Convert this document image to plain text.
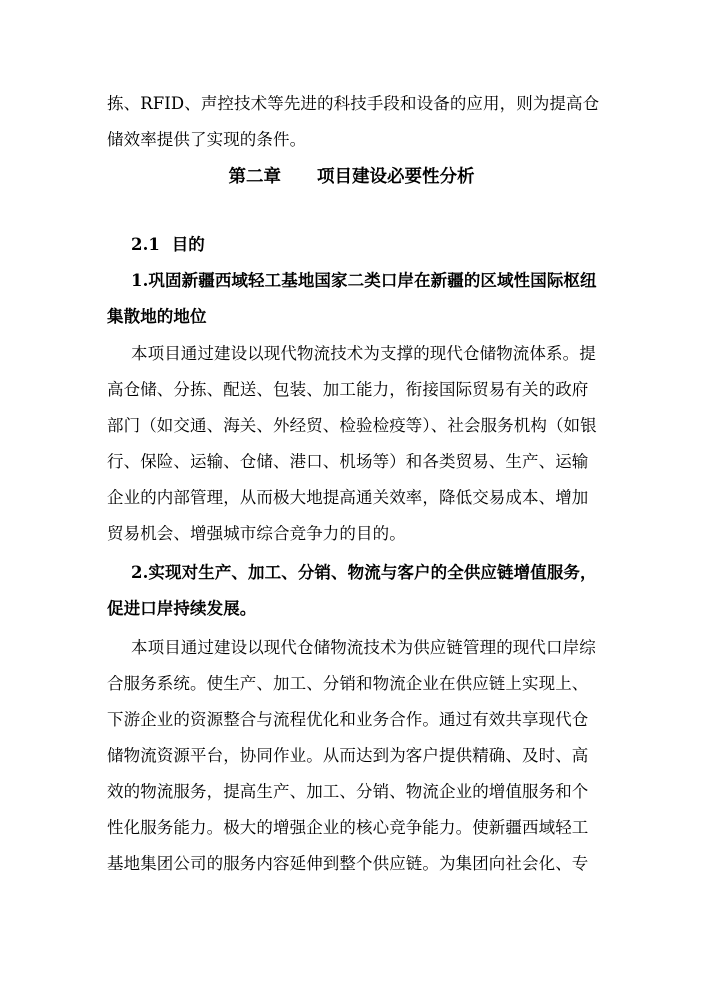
拣、RFID、声控技术等先进的科技手段和设备的应用，则为提高仓
储效率提供了实现的条件。
第二章 项目建设必要性分析
2.1  目的
1.巩固新疆西域轻工基地国家二类口岸在新疆的区域性国际枢纽
集散地的地位
本项目通过建设以现代物流技术为支撑的现代仓储物流体系。提
高仓储、分拣、配送、包装、加工能力，衔接国际贸易有关的政府
部门（如交通、海关、外经贸、检验检疫等）、社会服务机构（如银
行、保险、运输、仓储、港口、机场等）和各类贸易、生产、运输
企业的内部管理，从而极大地提高通关效率，降低交易成本、增加
贸易机会、增强城市综合竞争力的目的。
2.实现对生产、加工、分销、物流与客户的全供应链增值服务，
促进口岸持续发展。
本项目通过建设以现代仓储物流技术为供应链管理的现代口岸综
合服务系统。使生产、加工、分销和物流企业在供应链上实现上、
下游企业的资源整合与流程优化和业务合作。通过有效共享现代仓
储物流资源平台，协同作业。从而达到为客户提供精确、及时、高
效的物流服务，提高生产、加工、分销、物流企业的增值服务和个
性化服务能力。极大的增强企业的核心竞争能力。使新疆西域轻工
基地集团公司的服务内容延伸到整个供应链。为集团向社会化、专
